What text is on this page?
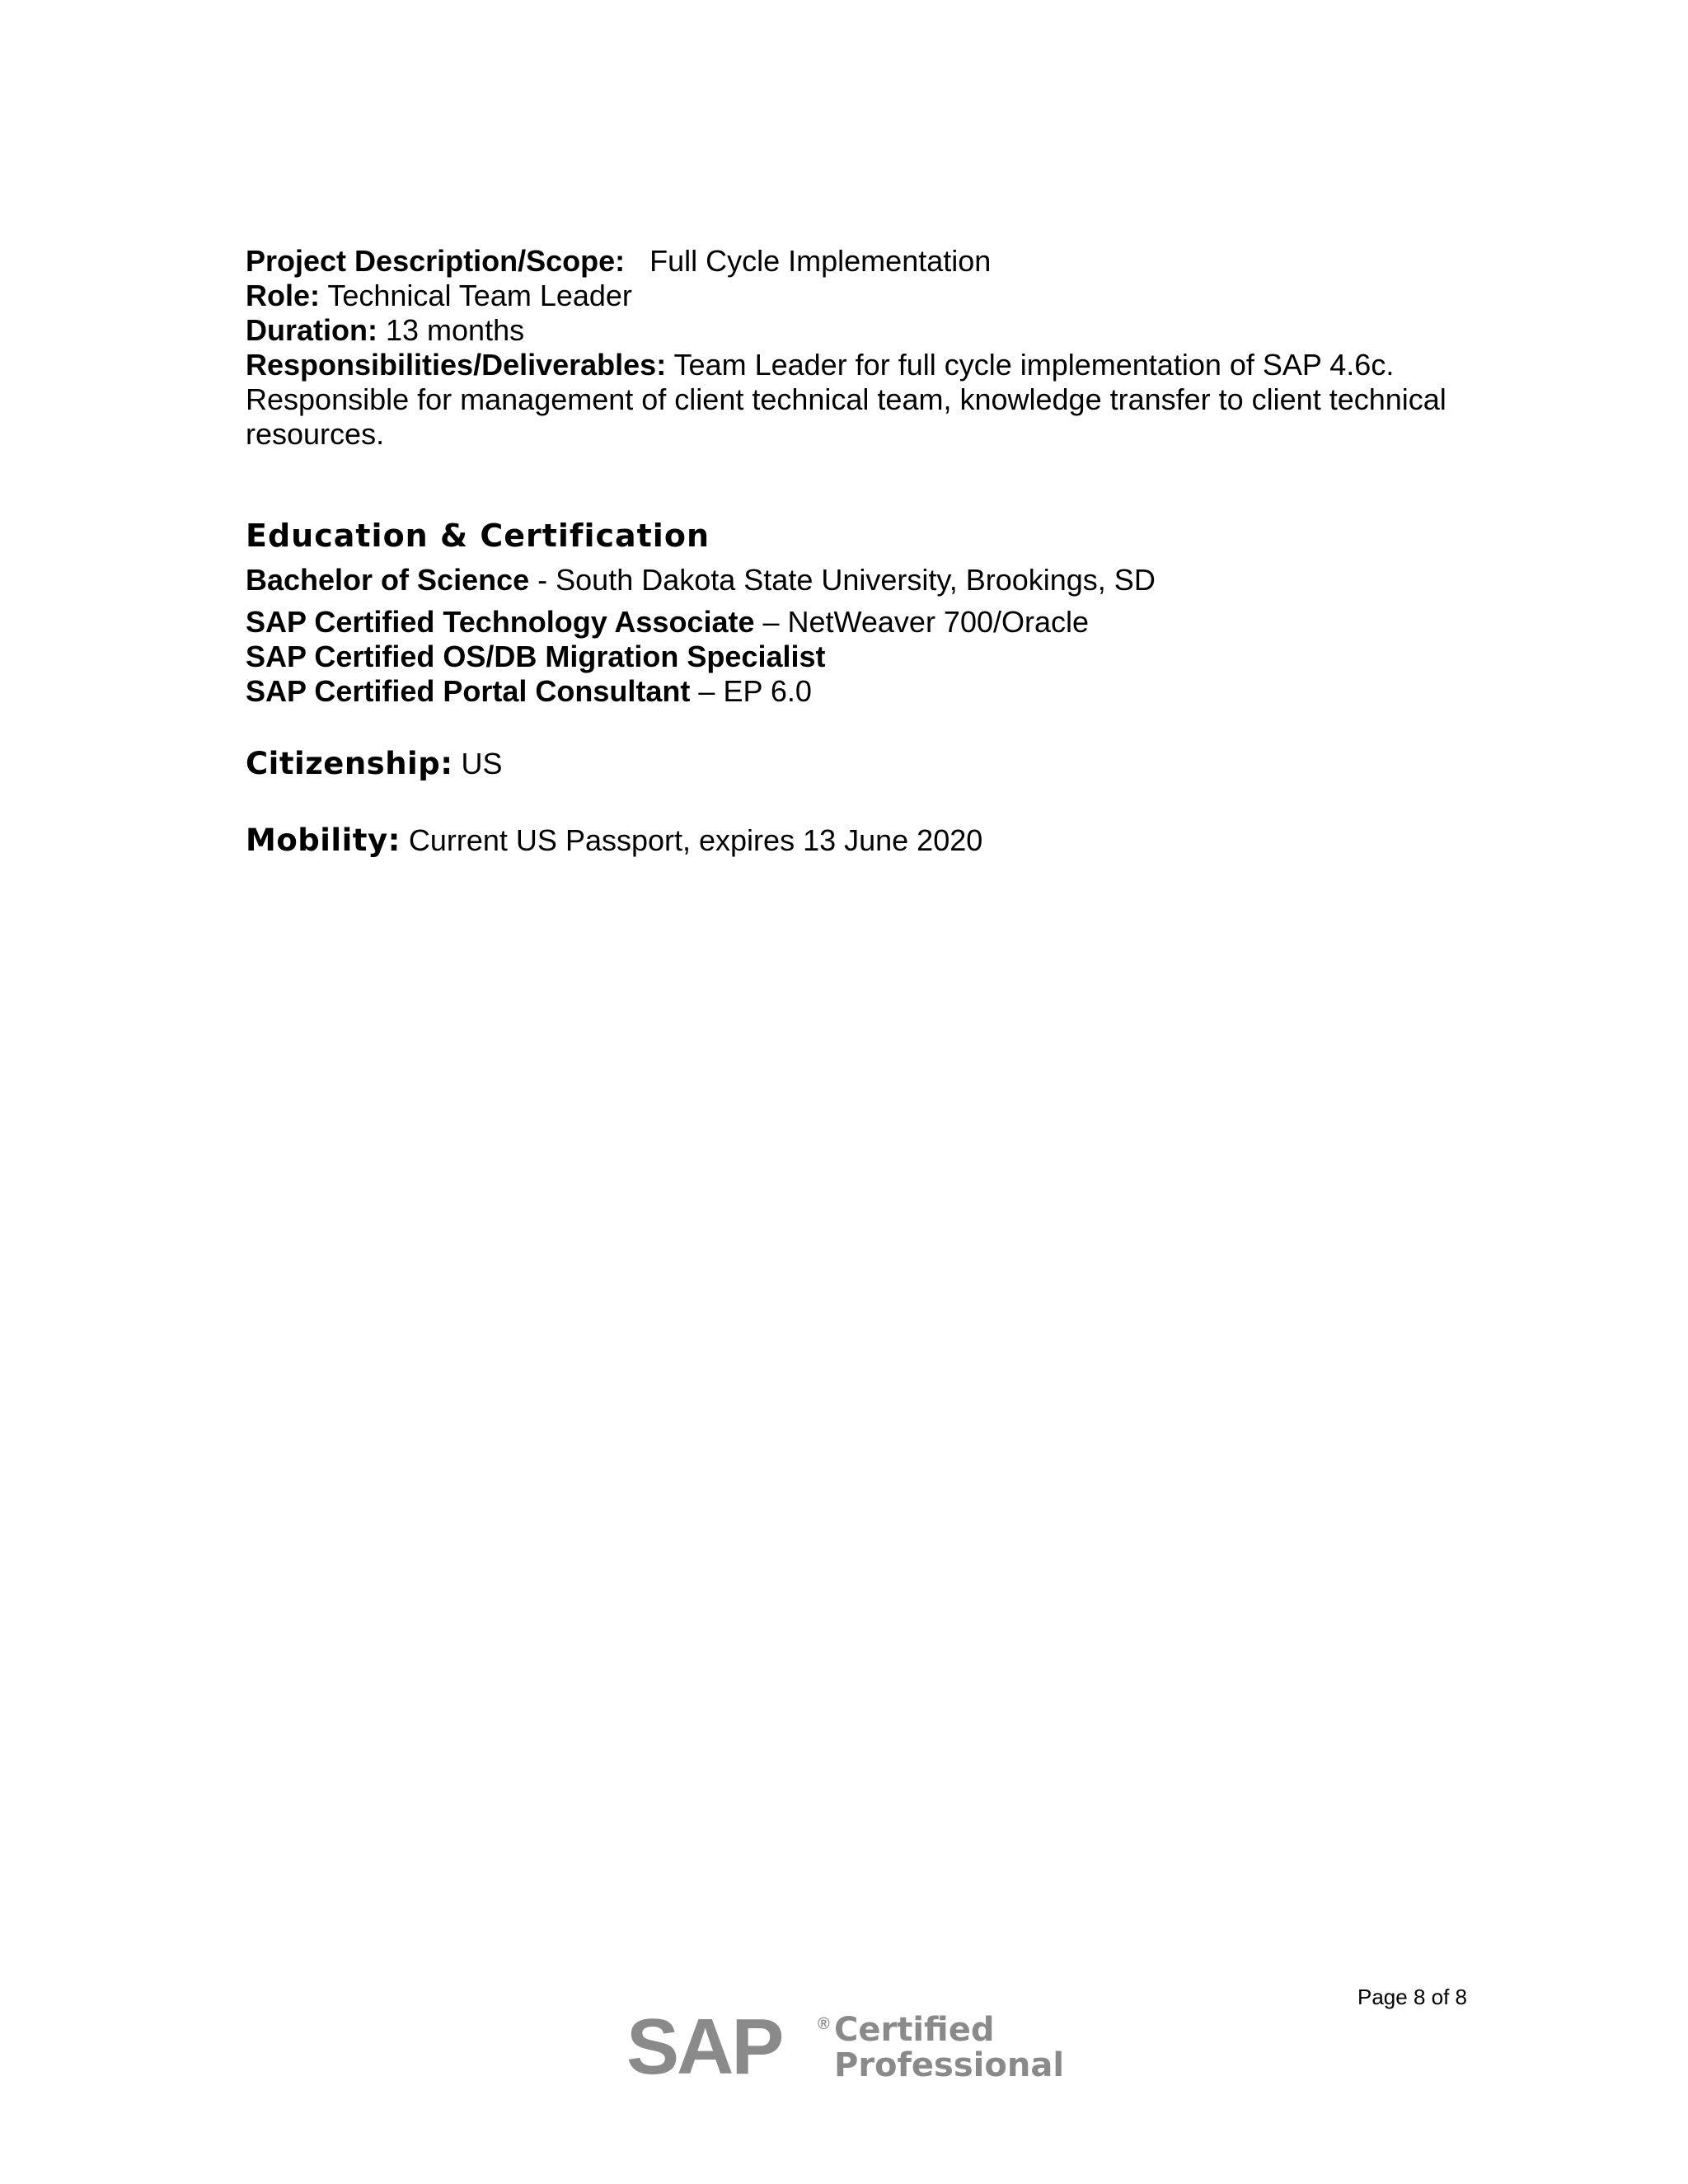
Project Description/Scope: Full Cycle Implementation
Role: Technical Team Leader
Duration: 13 months
Responsibilities/Deliverables: Team Leader for full cycle implementation of SAP 4.6c.
Responsible for management of client technical team, knowledge transfer to client technical
resources.
Education & Certification
Bachelor of Science - South Dakota State University, Brookings, SD
SAP Certified Technology Associate – NetWeaver 700/Oracle
SAP Certified OS/DB Migration Specialist
SAP Certified Portal Consultant – EP 6.0
Citizenship: US
Mobility: Current US Passport, expires 13 June 2020
Page 8 of 8
SAP ® Certified
Professional
